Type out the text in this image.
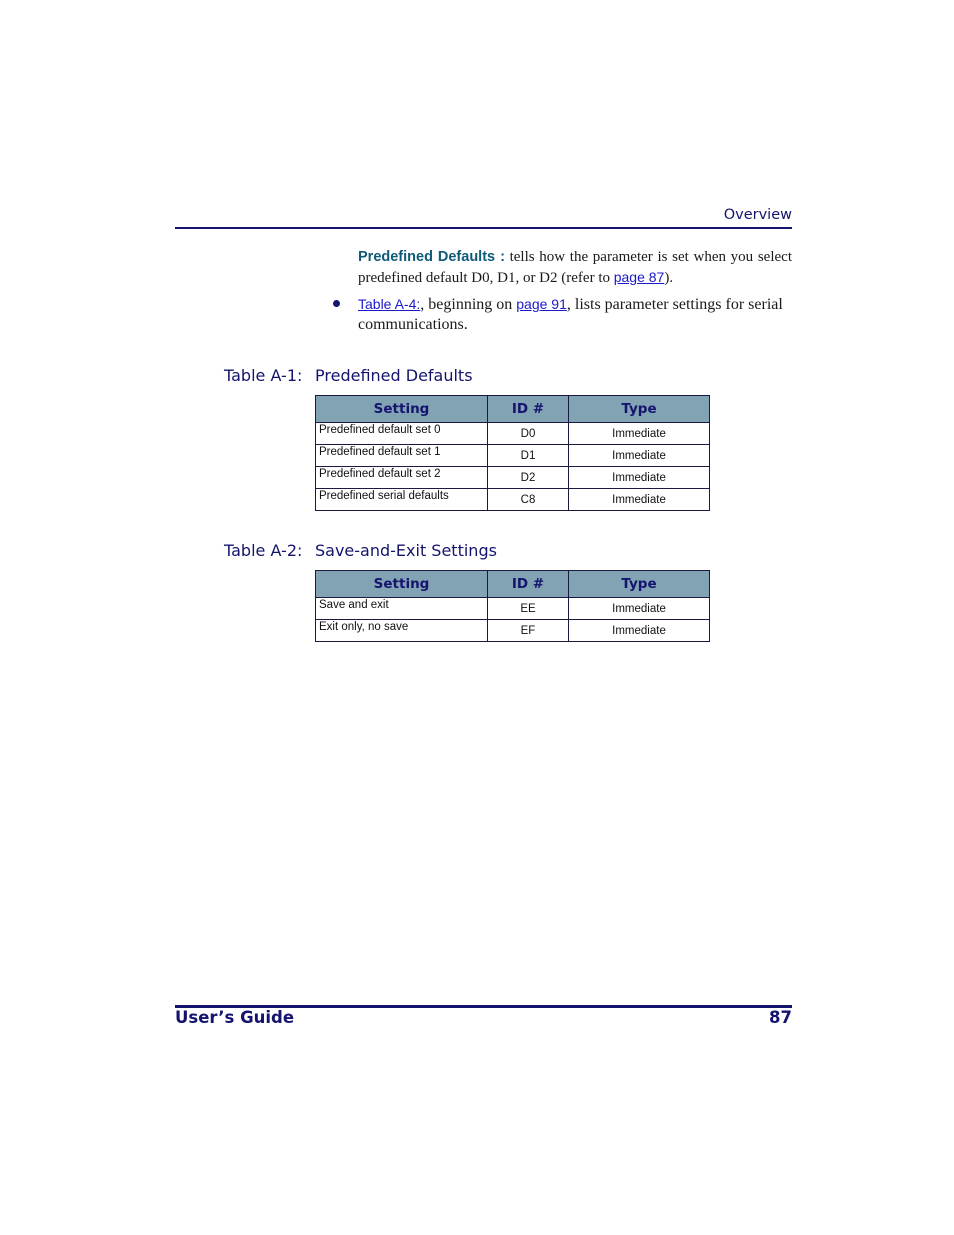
Overview
Predefined Defaults : tells how the parameter is set when you select predefined default D0, D1, or D2 (refer to page 87).
Table A-4:, beginning on page 91, lists parameter settings for serial communications.
Table A-1: Predefined Defaults
Setting	ID #	Type
Predefined default set 0	D0	Immediate
Predefined default set 1	D1	Immediate
Predefined default set 2	D2	Immediate
Predefined serial defaults	C8	Immediate
Table A-2: Save-and-Exit Settings
Setting	ID #	Type
Save and exit	EE	Immediate
Exit only, no save	EF	Immediate
User’s Guide	87
